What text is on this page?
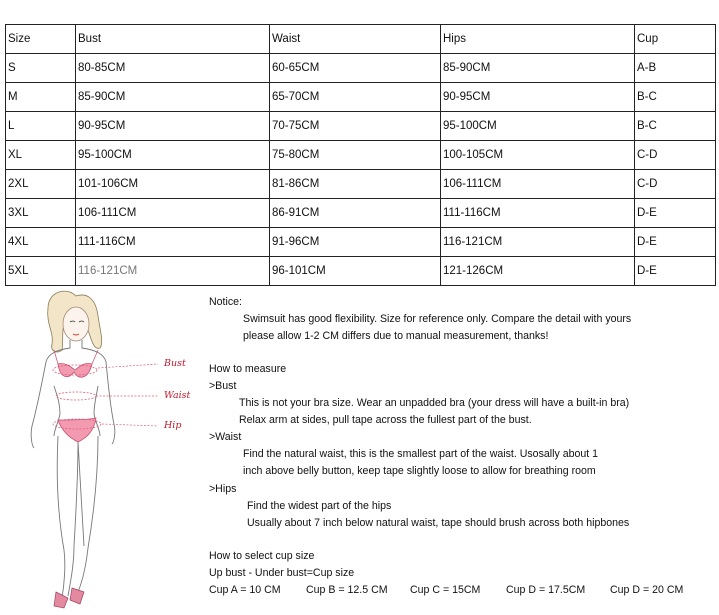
Size	Bust	Waist	Hips	Cup
S	80-85CM	60-65CM	85-90CM	A-B
M	85-90CM	65-70CM	90-95CM	B-C
L	90-95CM	70-75CM	95-100CM	B-C
XL	95-100CM	75-80CM	100-105CM	C-D
2XL	101-106CM	81-86CM	106-111CM	C-D
3XL	106-111CM	86-91CM	111-116CM	D-E
4XL	111-116CM	91-96CM	116-121CM	D-E
5XL	116-121CM	96-101CM	121-126CM	D-E
Bust
Waist
Hip
Notice:
Swimsuit has good flexibility. Size for reference only. Compare the detail with yours
please allow 1-2 CM differs due to manual measurement, thanks!
How to measure
>Bust
This is not your bra size. Wear an unpadded bra (your dress will have a built-in bra)
Relax arm at sides, pull tape across the fullest part of the bust.
>Waist
Find the natural waist, this is the smallest part of the waist. Usosally about 1
inch above belly button, keep tape slightly loose to allow for breathing room
>Hips
Find the widest part of the hips
Usually about 7 inch below natural waist, tape should brush across both hipbones
How to select cup size
Up bust - Under bust=Cup size
Cup A = 10 CM Cup B = 12.5 CM Cup C = 15CM Cup D = 17.5CM Cup D = 20 CM
